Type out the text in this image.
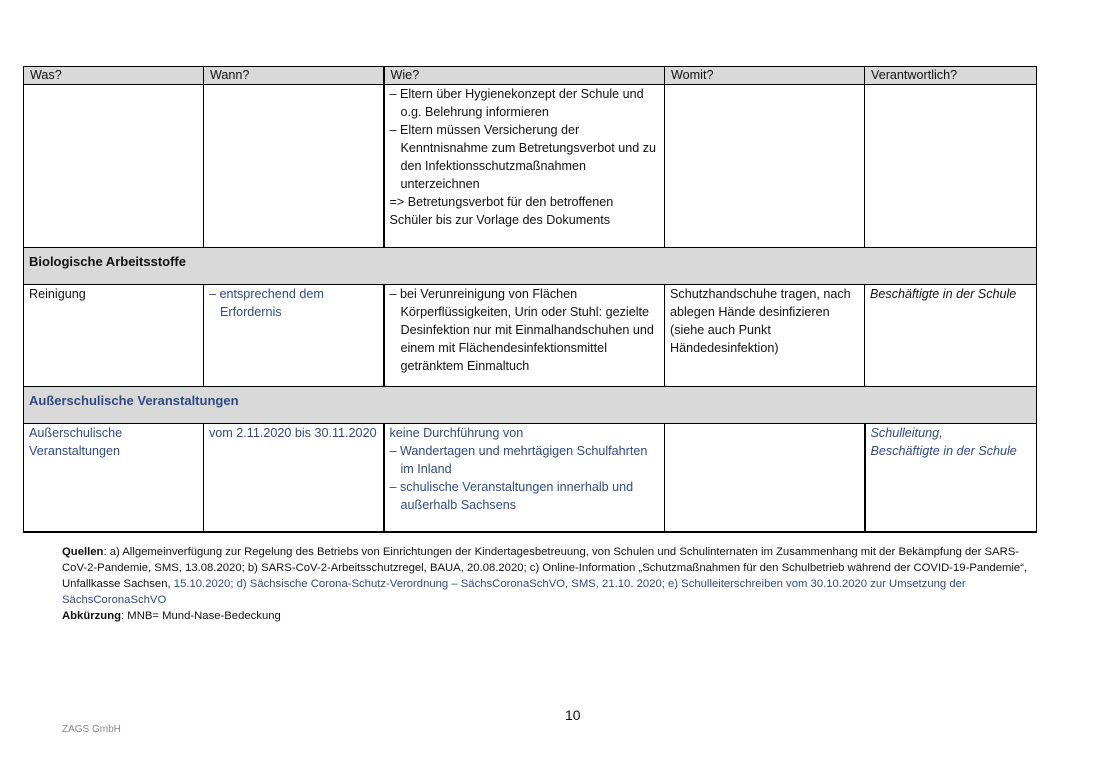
Was?	Wann?	Wie?	Womit?	Verantwortlich?

		– Eltern über Hygienekonzept der Schule und o.g. Belehrung informieren
– Eltern müssen Versicherung der Kenntnisnahme zum Betretungsverbot und zu den Infektionsschutzmaßnahmen unterzeichnen
=> Betretungsverbot für den betroffenen Schüler bis zur Vorlage des Dokuments		

Biologische Arbeitsstoffe				
Reinigung	– entsprechend dem Erfordernis	– bei Verunreinigung von Flächen Körperflüssigkeiten, Urin oder Stuhl: gezielte Desinfektion nur mit Einmalhandschuhen und einem mit Flächendesinfektionsmittel getränktem Einmaltuch	Schutzhandschuhe tragen, nach ablegen Hände desinfizieren (siehe auch Punkt Händedesinfektion)	Beschäftigte in der Schule
Außerschulische Veranstaltungen				
Außerschulische Veranstaltungen	vom 2.11.2020 bis 30.11.2020	keine Durchführung von
– Wandertagen und mehrtägigen Schulfahrten im Inland
– schulische Veranstaltungen innerhalb und außerhalb Sachsens		Schulleitung,
Beschäftigte in der Schule
Quellen: a) Allgemeinverfügung zur Regelung des Betriebs von Einrichtungen der Kindertagesbetreuung, von Schulen und Schulinternaten im Zusammenhang mit der Bekämpfung der SARS-CoV-2-Pandemie, SMS, 13.08.2020; b) SARS-CoV-2-Arbeitsschutzregel, BAUA, 20.08.2020; c) Online-Information „Schutzmaßnahmen für den Schulbetrieb während der COVID-19-Pandemie“, Unfallkasse Sachsen, 15.10.2020; d) Sächsische Corona-Schutz-Verordnung – SächsCoronaSchVO, SMS, 21.10. 2020; e) Schulleiterschreiben vom 30.10.2020 zur Umsetzung der SächsCoronaSchVO
Abkürzung: MNB= Mund-Nase-Bedeckung
10
ZAGS GmbH
